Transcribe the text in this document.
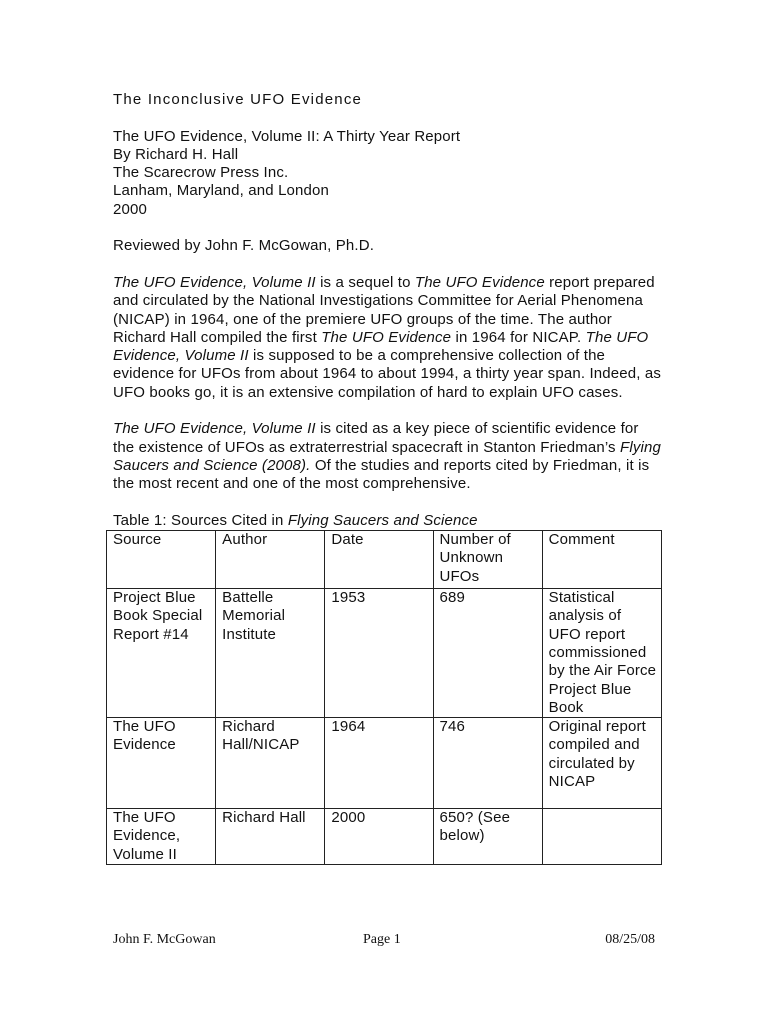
The Inconclusive UFO Evidence

The UFO Evidence, Volume II: A Thirty Year Report

By Richard H. Hall

The Scarecrow Press Inc.

Lanham, Maryland, and London

2000

Reviewed by John F. McGowan, Ph.D.

The UFO Evidence, Volume II is a sequel to The UFO Evidence report prepared and circulated by the National Investigations Committee for Aerial Phenomena (NICAP) in 1964, one of the premiere UFO groups of the time. The author Richard Hall compiled the first The UFO Evidence in 1964 for NICAP. The UFO Evidence, Volume II is supposed to be a comprehensive collection of the evidence for UFOs from about 1964 to about 1994, a thirty year span. Indeed, as UFO books go, it is an extensive compilation of hard to explain UFO cases.

The UFO Evidence, Volume II is cited as a key piece of scientific evidence for the existence of UFOs as extraterrestrial spacecraft in Stanton Friedman’s Flying Saucers and Science (2008). Of the studies and reports cited by Friedman, it is the most recent and one of the most comprehensive.

Table 1: Sources Cited in Flying Saucers and Science

Source	Author	Date	Number of Unknown UFOs	Comment
Project Blue Book Special Report #14	Battelle Memorial Institute	1953	689	Statistical analysis of UFO report commissioned by the Air Force Project Blue Book
The UFO Evidence	Richard Hall/NICAP	1964	746	Original report compiled and circulated by NICAP
The UFO Evidence, Volume II	Richard Hall	2000	650? (See below)	
John F. McGowan	Page 1	08/25/08
